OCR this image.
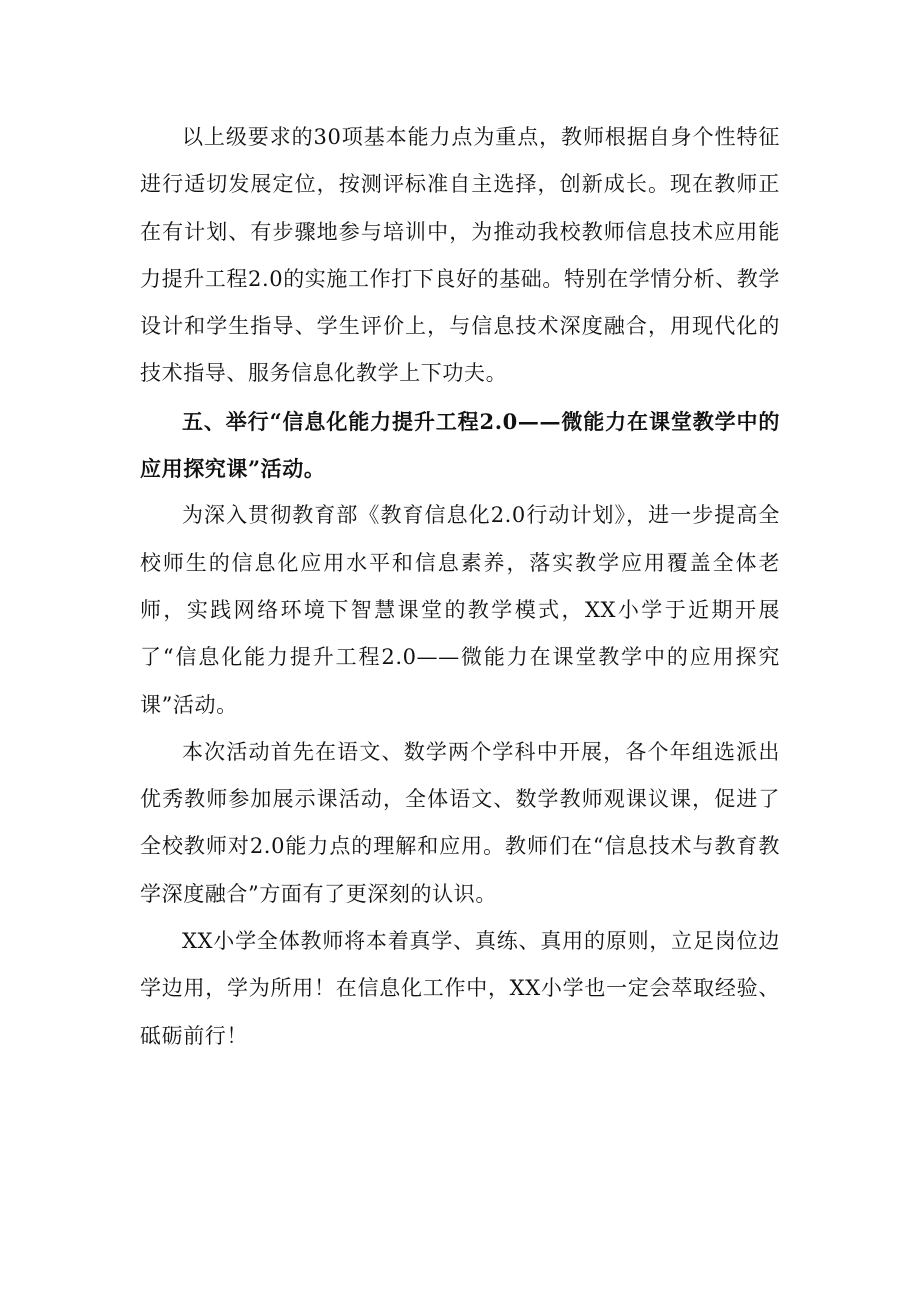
以上级要求的30项基本能力点为重点，教师根据自身个性特征进行适切发展定位，按测评标准自主选择，创新成长。现在教师正在有计划、有步骤地参与培训中，为推动我校教师信息技术应用能力提升工程2.0的实施工作打下良好的基础。特别在学情分析、教学设计和学生指导、学生评价上，与信息技术深度融合，用现代化的技术指导、服务信息化教学上下功夫。

五、举行“信息化能力提升工程2.0——微能力在课堂教学中的应用探究课”活动。

为深入贯彻教育部《教育信息化2.0行动计划》，进一步提高全校师生的信息化应用水平和信息素养，落实教学应用覆盖全体老师，实践网络环境下智慧课堂的教学模式，XX小学于近期开展了“信息化能力提升工程2.0——微能力在课堂教学中的应用探究课”活动。

本次活动首先在语文、数学两个学科中开展，各个年组选派出优秀教师参加展示课活动，全体语文、数学教师观课议课，促进了全校教师对2.0能力点的理解和应用。教师们在“信息技术与教育教学深度融合”方面有了更深刻的认识。

XX小学全体教师将本着真学、真练、真用的原则，立足岗位边学边用，学为所用！在信息化工作中，XX小学也一定会萃取经验、砥砺前行！
